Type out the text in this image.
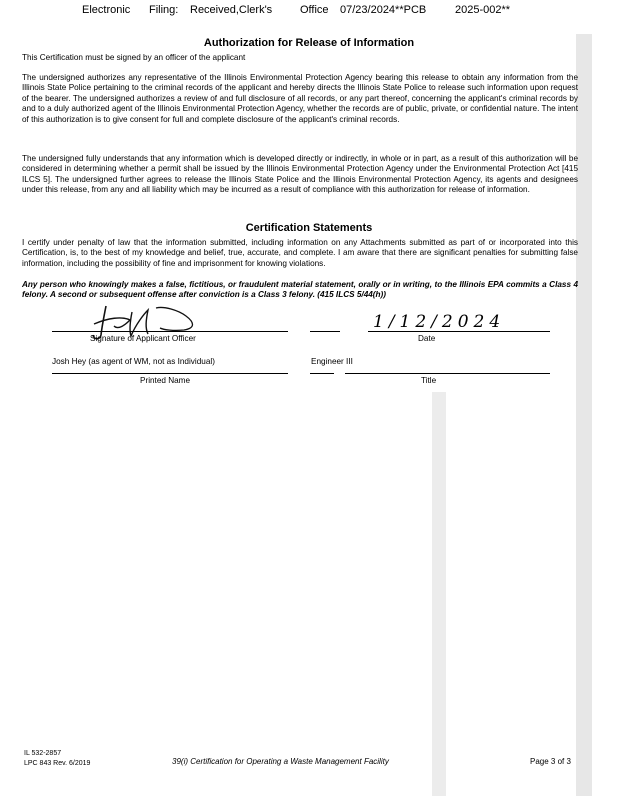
Electronic Filing: Received,Clerk's	Office 07/23/2024**PCB	2025-002**
Authorization for Release of Information
This Certification must be signed by an officer of the applicant
The undersigned authorizes any representative of the Illinois Environmental Protection Agency bearing this release to obtain any information from the Illinois State Police pertaining to the criminal records of the applicant and hereby directs the Illinois State Police to release such information upon request of the bearer. The undersigned authorizes a review of and full disclosure of all records, or any part thereof, concerning the applicant's criminal records by and to a duly authorized agent of the Illinois Environmental Protection Agency, whether the records are of public, private, or confidential nature. The intent of this authorization is to give consent for full and complete disclosure of the applicant's criminal records.
The undersigned fully understands that any information which is developed directly or indirectly, in whole or in part, as a result of this authorization will be considered in determining whether a permit shall be issued by the Illinois Environmental Protection Agency under the Environmental Protection Act [415 ILCS 5]. The undersigned further agrees to release the Illinois State Police and the Illinois Environmental Protection Agency, its agents and designees under this release, from any and all liability which may be incurred as a result of compliance with this authorization for release of information.
Certification Statements
I certify under penalty of law that the information submitted, including information on any Attachments submitted as part of or incorporated into this Certification, is, to the best of my knowledge and belief, true, accurate, and complete. I am aware that there are significant penalties for submitting false information, including the possibility of fine and imprisonment for knowing violations.
Any person who knowingly makes a false, fictitious, or fraudulent material statement, orally or in writing, to the Illinois EPA commits a Class 4 felony. A second or subsequent offense after conviction is a Class 3 felony. (415 ILCS 5/44(h))
Signature of Applicant Officer
1/12/2024
Date
Josh Hey (as agent of WM, not as Individual)
Printed Name
Engineer III
Title
IL 532-2857
LPC 843 Rev. 6/2019	39(i) Certification for Operating a Waste Management Facility	Page 3 of 3
